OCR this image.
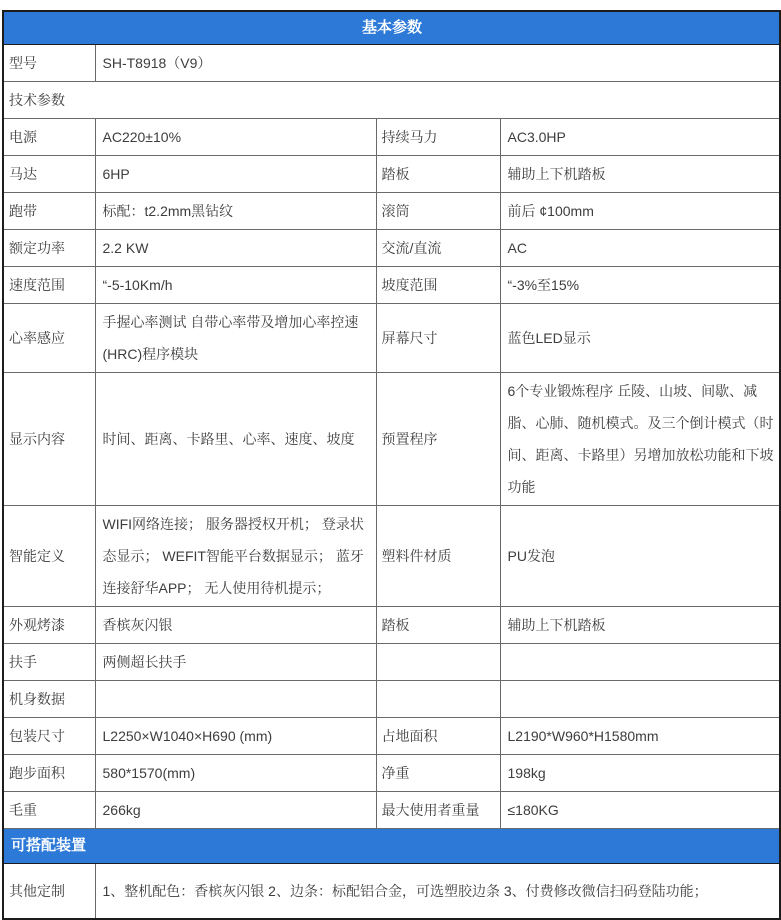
基本参数			
型号	SH-T8918（V9）		
技术参数			
电源	AC220±10%	持续马力	AC3.0HP
马达	6HP	踏板	辅助上下机踏板
跑带	标配：t2.2mm黑钻纹	滚筒	前后 ¢100mm
额定功率	2.2 KW	交流/直流	AC
速度范围	“-5-10Km/h	坡度范围	“-3%至15%
心率感应	手握心率测试 自带心率带及增加心率控速(HRC)程序模块	屏幕尺寸	蓝色LED显示
显示内容	时间、距离、卡路里、心率、速度、坡度	预置程序	6个专业锻炼程序 丘陵、山坡、间歇、减脂、心肺、随机模式。及三个倒计模式（时间、距离、卡路里）另增加放松功能和下坡功能
智能定义	WIFI网络连接； 服务器授权开机； 登录状态显示； WEFIT智能平台数据显示； 蓝牙连接舒华APP； 无人使用待机提示；	塑料件材质	PU发泡
外观烤漆	香槟灰闪银	踏板	辅助上下机踏板
扶手	两侧超长扶手		
机身数据			
包装尺寸	L2250×W1040×H690 (mm)	占地面积	L2190*W960*H1580mm
跑步面积	580*1570(mm)	净重	198kg
毛重	266kg	最大使用者重量	≤180KG
可搭配装置			
其他定制	1、整机配色：香槟灰闪银 2、边条：标配铝合金，可选塑胶边条 3、付费修改微信扫码登陆功能；		
